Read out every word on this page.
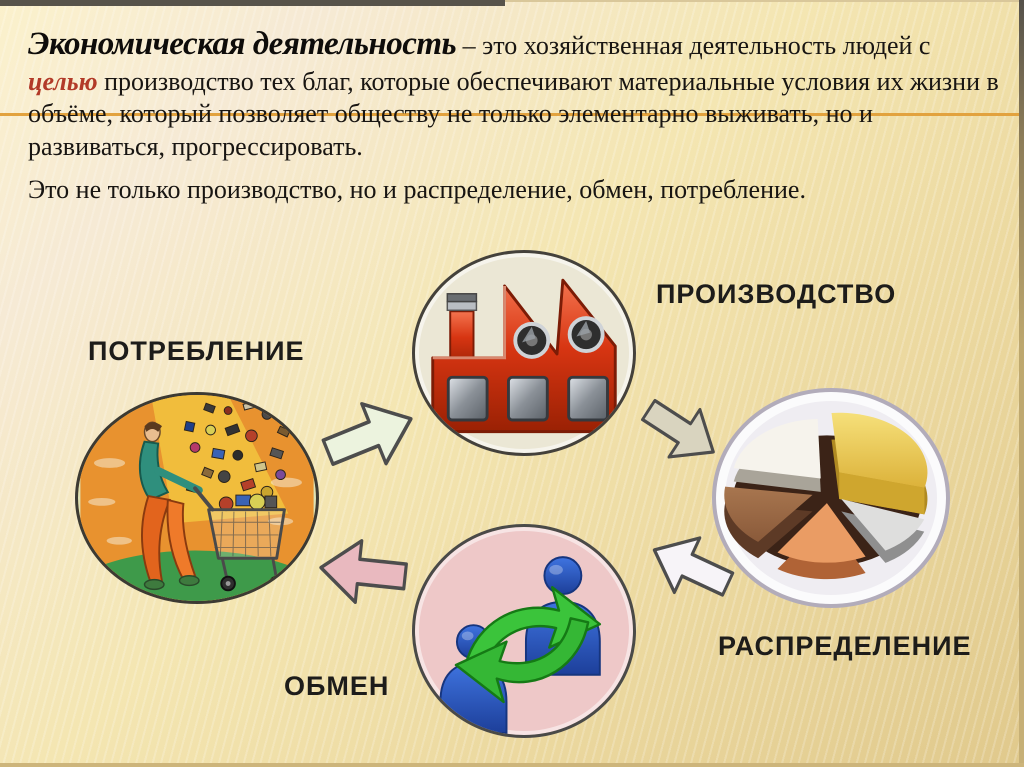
Экономическая деятельность – это хозяйственная деятельность людей с целью производство тех благ, которые обеспечивают материальные условия их жизни в объёме, который позволяет обществу не только элементарно выживать, но и развиваться, прогрессировать.

Это не только производство, но и распределение, обмен, потребление.

ПРОИЗВОДСТВО
ПОТРЕБЛЕНИЕ
РАСПРЕДЕЛЕНИЕ
ОБМЕН
